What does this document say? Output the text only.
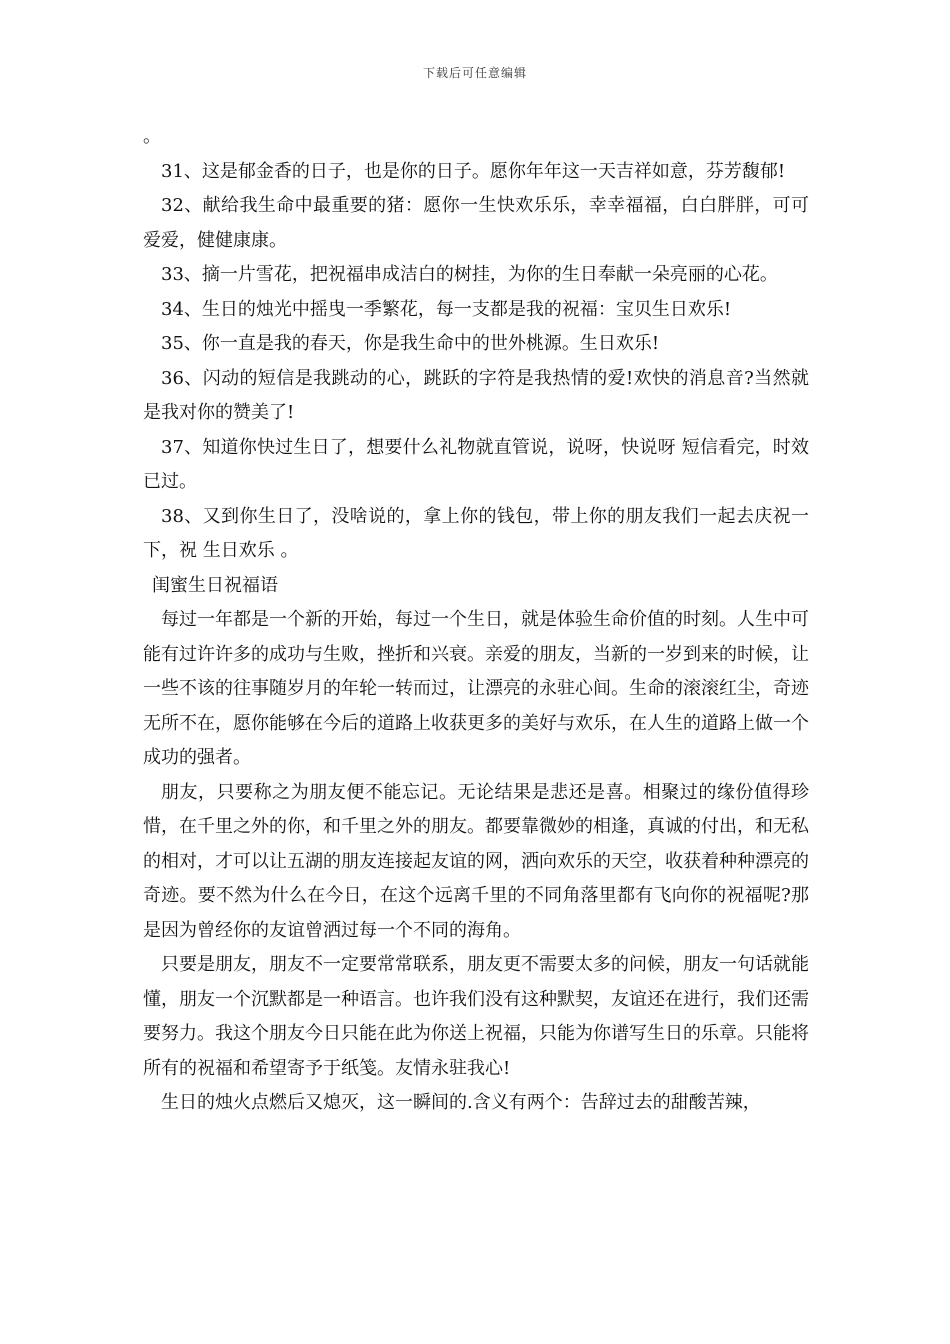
下载后可任意编辑

。

31、这是郁金香的日子，也是你的日子。愿你年年这一天吉祥如意，芬芳馥郁!

32、献给我生命中最重要的猪：愿你一生快欢乐乐，幸幸福福，白白胖胖，可可爱爱，健健康康。

33、摘一片雪花，把祝福串成洁白的树挂，为你的生日奉献一朵亮丽的心花。

34、生日的烛光中摇曳一季繁花，每一支都是我的祝福：宝贝生日欢乐!

35、你一直是我的春天，你是我生命中的世外桃源。生日欢乐!

36、闪动的短信是我跳动的心，跳跃的字符是我热情的爱!欢快的消息音?当然就是我对你的赞美了!

37、知道你快过生日了，想要什么礼物就直管说，说呀，快说呀 短信看完，时效已过。

38、又到你生日了，没啥说的，拿上你的钱包，带上你的朋友我们一起去庆祝一下，祝 生日欢乐 。

闺蜜生日祝福语

每过一年都是一个新的开始，每过一个生日，就是体验生命价值的时刻。人生中可能有过许许多的成功与生败，挫折和兴衰。亲爱的朋友，当新的一岁到来的时候，让一些不该的往事随岁月的年轮一转而过，让漂亮的永驻心间。生命的滚滚红尘，奇迹无所不在，愿你能够在今后的道路上收获更多的美好与欢乐，在人生的道路上做一个成功的强者。

朋友，只要称之为朋友便不能忘记。无论结果是悲还是喜。相聚过的缘份值得珍惜，在千里之外的你，和千里之外的朋友。都要靠微妙的相逢，真诚的付出，和无私的相对，才可以让五湖的朋友连接起友谊的网，洒向欢乐的天空，收获着种种漂亮的奇迹。要不然为什么在今日，在这个远离千里的不同角落里都有飞向你的祝福呢?那是因为曾经你的友谊曾洒过每一个不同的海角。

只要是朋友，朋友不一定要常常联系，朋友更不需要太多的问候，朋友一句话就能懂，朋友一个沉默都是一种语言。也许我们没有这种默契，友谊还在进行，我们还需要努力。我这个朋友今日只能在此为你送上祝福，只能为你谱写生日的乐章。只能将所有的祝福和希望寄予于纸笺。友情永驻我心!

生日的烛火点燃后又熄灭，这一瞬间的.含义有两个：告辞过去的甜酸苦辣，
